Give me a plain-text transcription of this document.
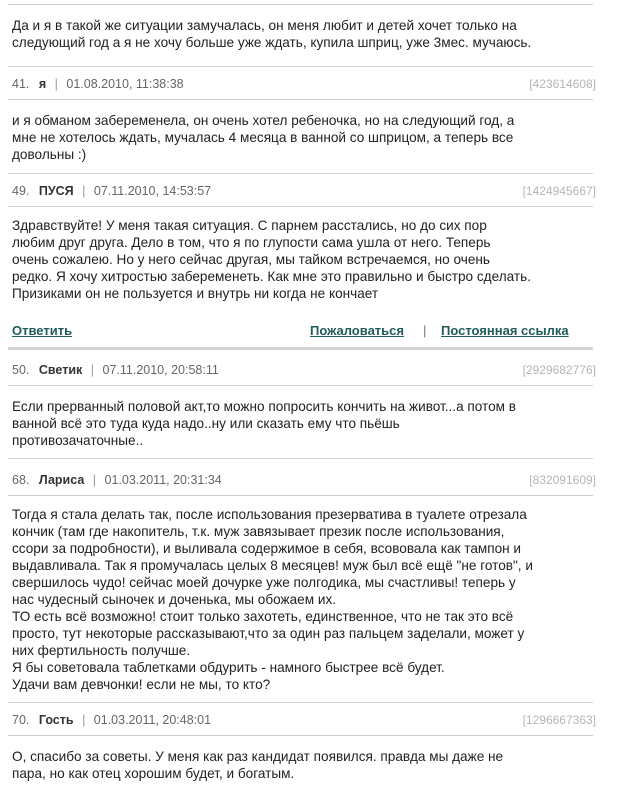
Да и я в такой же ситуации замучалась, он меня любит и детей хочет только на
следующий год а я не хочу больше уже ждать, купила шприц, уже 3мес. мучаюсь.
41. я | 01.08.2010, 11:38:38	[423614608]
и я обманом забеременела, он очень хотел ребеночка, но на следующий год, а
мне не хотелось ждать, мучалась 4 месяца в ванной со шприцом, а теперь все
довольны :)
49. ПУСЯ | 07.11.2010, 14:53:57	[1424945667]
Здравствуйте! У меня такая ситуация. С парнем расстались, но до сих пор
любим друг друга. Дело в том, что я по глупости сама ушла от него. Теперь
очень сожалею. Но у него сейчас другая, мы тайком встречаемся, но очень
редко. Я хочу хитростью забеременеть. Как мне это правильно и быстро сделать.
Призиками он не пользуется и внутрь ни когда не кончает
Ответить	Пожаловаться | Постоянная ссылка
50. Светик | 07.11.2010, 20:58:11	[2929682776]
Если прерванный половой акт,то можно попросить кончить на живот...а потом в
ванной всё это туда куда надо..ну или сказать ему что пьёшь
противозачаточные..
68. Лариса | 01.03.2011, 20:31:34	[832091609]
Тогда я стала делать так, после использования презерватива в туалете отрезала
кончик (там где накопитель, т.к. муж завязывает презик после использования,
ссори за подробности), и выливала содержимое в себя, всововала как тампон и
выдавливала. Так я промучалась целых 8 месяцев! муж был всё ещё "не готов", и
свершилось чудо! сейчас моей дочурке уже полгодика, мы счастливы! теперь у
нас чудесный сыночек и доченька, мы обожаем их.
ТО есть всё возможно! стоит только захотеть, единственное, что не так это всё
просто, тут некоторые рассказывают,что за один раз пальцем заделали, может у
них фертильность получше.
Я бы советовала таблетками обдурить - намного быстрее всё будет.
Удачи вам девчонки! если не мы, то кто?
70. Гость | 01.03.2011, 20:48:01	[1296667363]
О, спасибо за советы. У меня как раз кандидат появился. правда мы даже не
пара, но как отец хорошим будет, и богатым.
